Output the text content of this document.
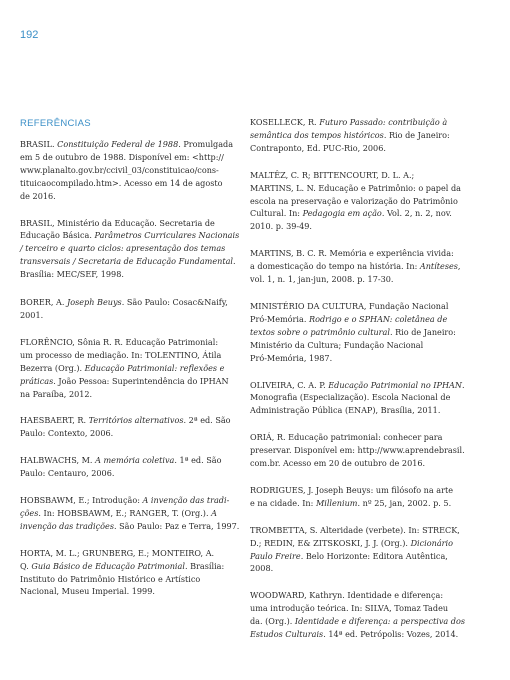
192
REFERÊNCIAS
BRASIL. Constituição Federal de 1988. Promulgada
em 5 de outubro de 1988. Disponível em: <http://
www.planalto.gov.br/ccivil_03/constituicao/cons-
tituicaocompilado.htm>. Acesso em 14 de agosto
de 2016.
BRASIL, Ministério da Educação. Secretaria de
Educação Básica. Parâmetros Curriculares Nacionais
/ terceiro e quarto ciclos: apresentação dos temas
transversais / Secretaria de Educação Fundamental.
Brasília: MEC/SEF, 1998.
BORER, A. Joseph Beuys. São Paulo: Cosac&Naify,
2001.
FLORÊNCIO, Sônia R. R. Educação Patrimonial:
um processo de mediação. In: TOLENTINO, Átila
Bezerra (Org.). Educação Patrimonial: reflexões e
práticas. João Pessoa: Superintendência do IPHAN
na Paraíba, 2012.
HAESBAERT, R. Territórios alternativos. 2ª ed. São
Paulo: Contexto, 2006.
HALBWACHS, M. A memória coletiva. 1ª ed. São
Paulo: Centauro, 2006.
HOBSBAWM, E.; Introdução: A invenção das tradi-
ções. In: HOBSBAWM, E.; RANGER, T. (Org.). A
invenção das tradições. São Paulo: Paz e Terra, 1997.
HORTA, M. L.; GRUNBERG, E.; MONTEIRO, A.
Q. Guia Básico de Educação Patrimonial. Brasília:
Instituto do Patrimônio Histórico e Artístico
Nacional, Museu Imperial. 1999.
KOSELLECK, R. Futuro Passado: contribuição à
semântica dos tempos históricos. Rio de Janeiro:
Contraponto, Ed. PUC-Rio, 2006.
MALTÊZ, C. R; BITTENCOURT, D. L. A.;
MARTINS, L. N. Educação e Patrimônio: o papel da
escola na preservação e valorização do Patrimônio
Cultural. In: Pedagogia em ação. Vol. 2, n. 2, nov.
2010. p. 39-49.
MARTINS, B. C. R. Memória e experiência vivida:
a domesticação do tempo na história. In: Antíteses,
vol. 1, n. 1, jan-jun, 2008. p. 17-30.
MINISTÉRIO DA CULTURA, Fundação Nacional
Pró-Memória. Rodrigo e o SPHAN: coletânea de
textos sobre o patrimônio cultural. Rio de Janeiro:
Ministério da Cultura; Fundação Nacional
Pró-Memória, 1987.
OLIVEIRA, C. A. P. Educação Patrimonial no IPHAN.
Monografia (Especialização). Escola Nacional de
Administração Pública (ENAP), Brasília, 2011.
ORIÁ, R. Educação patrimonial: conhecer para
preservar. Disponível em: http://www.aprendebrasil.
com.br. Acesso em 20 de outubro de 2016.
RODRIGUES, J. Joseph Beuys: um filósofo na arte
e na cidade. In: Millenium. nº 25, jan, 2002. p. 5.
TROMBETTA, S. Alteridade (verbete). In: STRECK,
D.; REDIN, E& ZITSKOSKI, J. J. (Org.). Dicionário
Paulo Freire. Belo Horizonte: Editora Autêntica,
2008.
WOODWARD, Kathryn. Identidade e diferença:
uma introdução teórica. In: SILVA, Tomaz Tadeu
da. (Org.). Identidade e diferença: a perspectiva dos
Estudos Culturais. 14ª ed. Petrópolis: Vozes, 2014.
